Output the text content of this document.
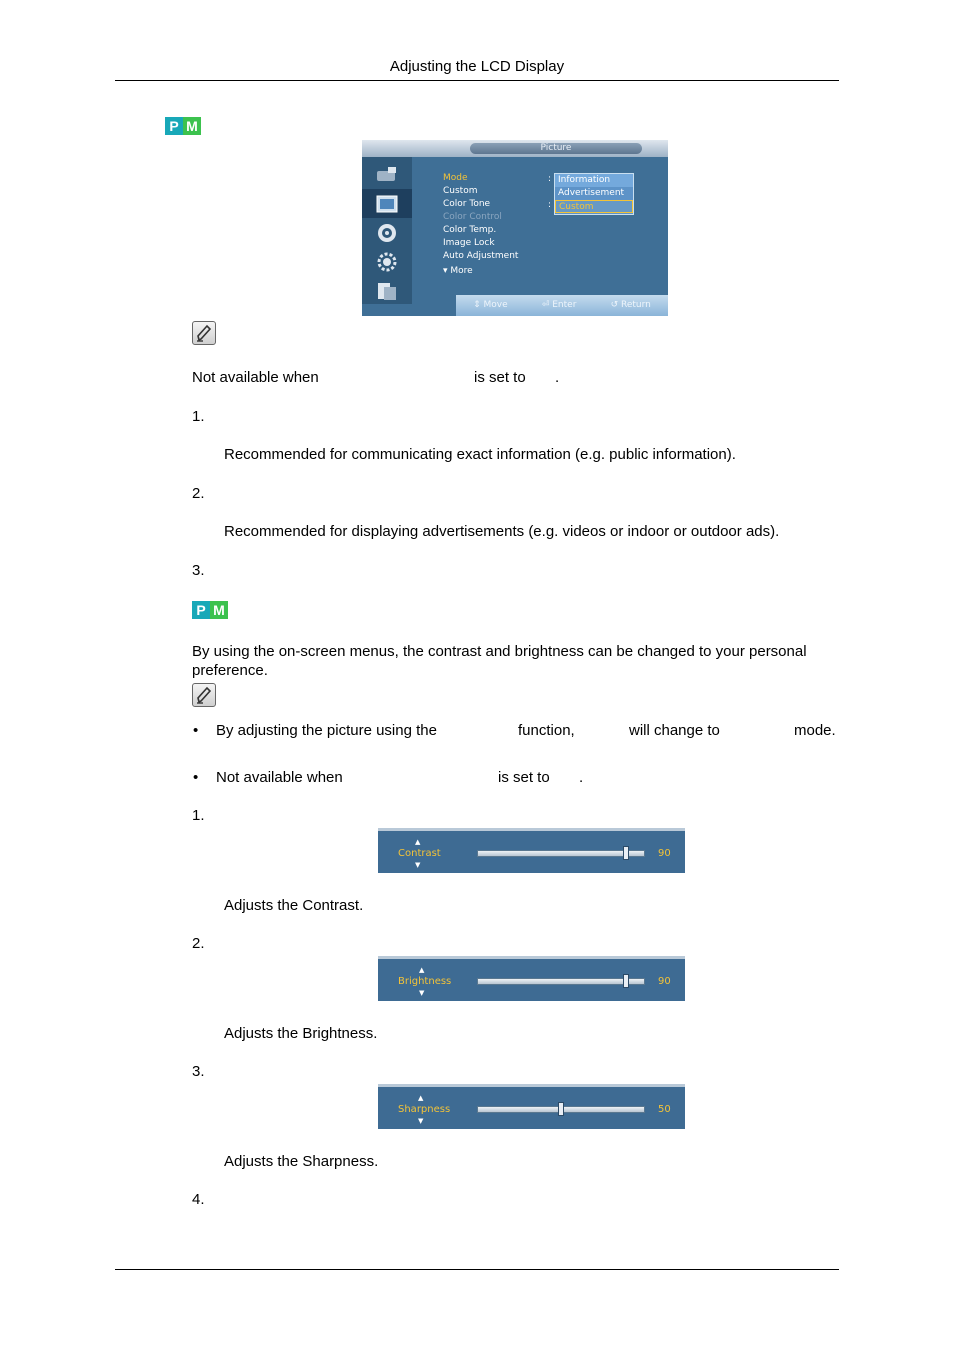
Adjusting the LCD Display
P M
Picture
Mode
Custom
Color Tone
Color Control
Color Temp.
Image Lock
Auto Adjustment
▾ More
:
:
Information
Advertisement
Custom
⇕ Move	⏎ Enter	↺ Return
Not available when	is set to .
1.
Recommended for communicating exact information (e.g. public information).
2.
Recommended for displaying advertisements (e.g. videos or indoor or outdoor ads).
3.
P M
By using the on-screen menus, the contrast and brightness can be changed to your personal
preference.
• By adjusting the picture using the	function,	will change to	mode.
• Not available when	is set to .
1.
▲
Contrast
▼
90
Adjusts the Contrast.
2.
▲
Brightness
▼
90
Adjusts the Brightness.
3.
▲
Sharpness
▼
50
Adjusts the Sharpness.
4.
